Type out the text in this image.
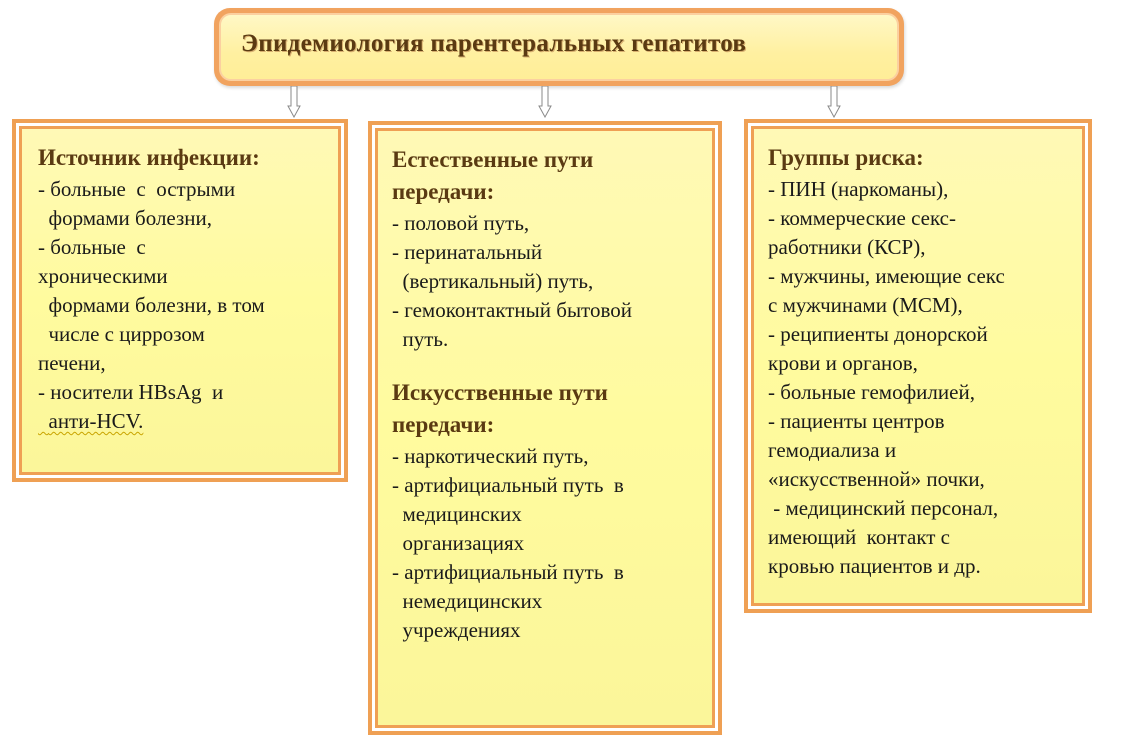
Эпидемиология парентеральных гепатитов

Источник инфекции:

- больные  с  острыми

формами болезни,

- больные  с

хроническими

формами болезни, в том

числе с циррозом

печени,

- носители HBsAg  и

анти-HCV.

Естественные пути

передачи:

- половой путь,

- перинатальный

(вертикальный) путь,

- гемоконтактный бытовой

путь.

Искусственные пути

передачи:

- наркотический путь,

- артифициальный путь  в

медицинских

организациях

- артифициальный путь  в

немедицинских

учреждениях

Группы риска:

- ПИН (наркоманы),

- коммерческие секс-

работники (КСР),

- мужчины, имеющие секс

с мужчинами (МСМ),

- реципиенты донорской

крови и органов,

- больные гемофилией,

- пациенты центров

гемодиализа и

«искусственной» почки,

- медицинский персонал,

имеющий  контакт с

кровью пациентов и др.
